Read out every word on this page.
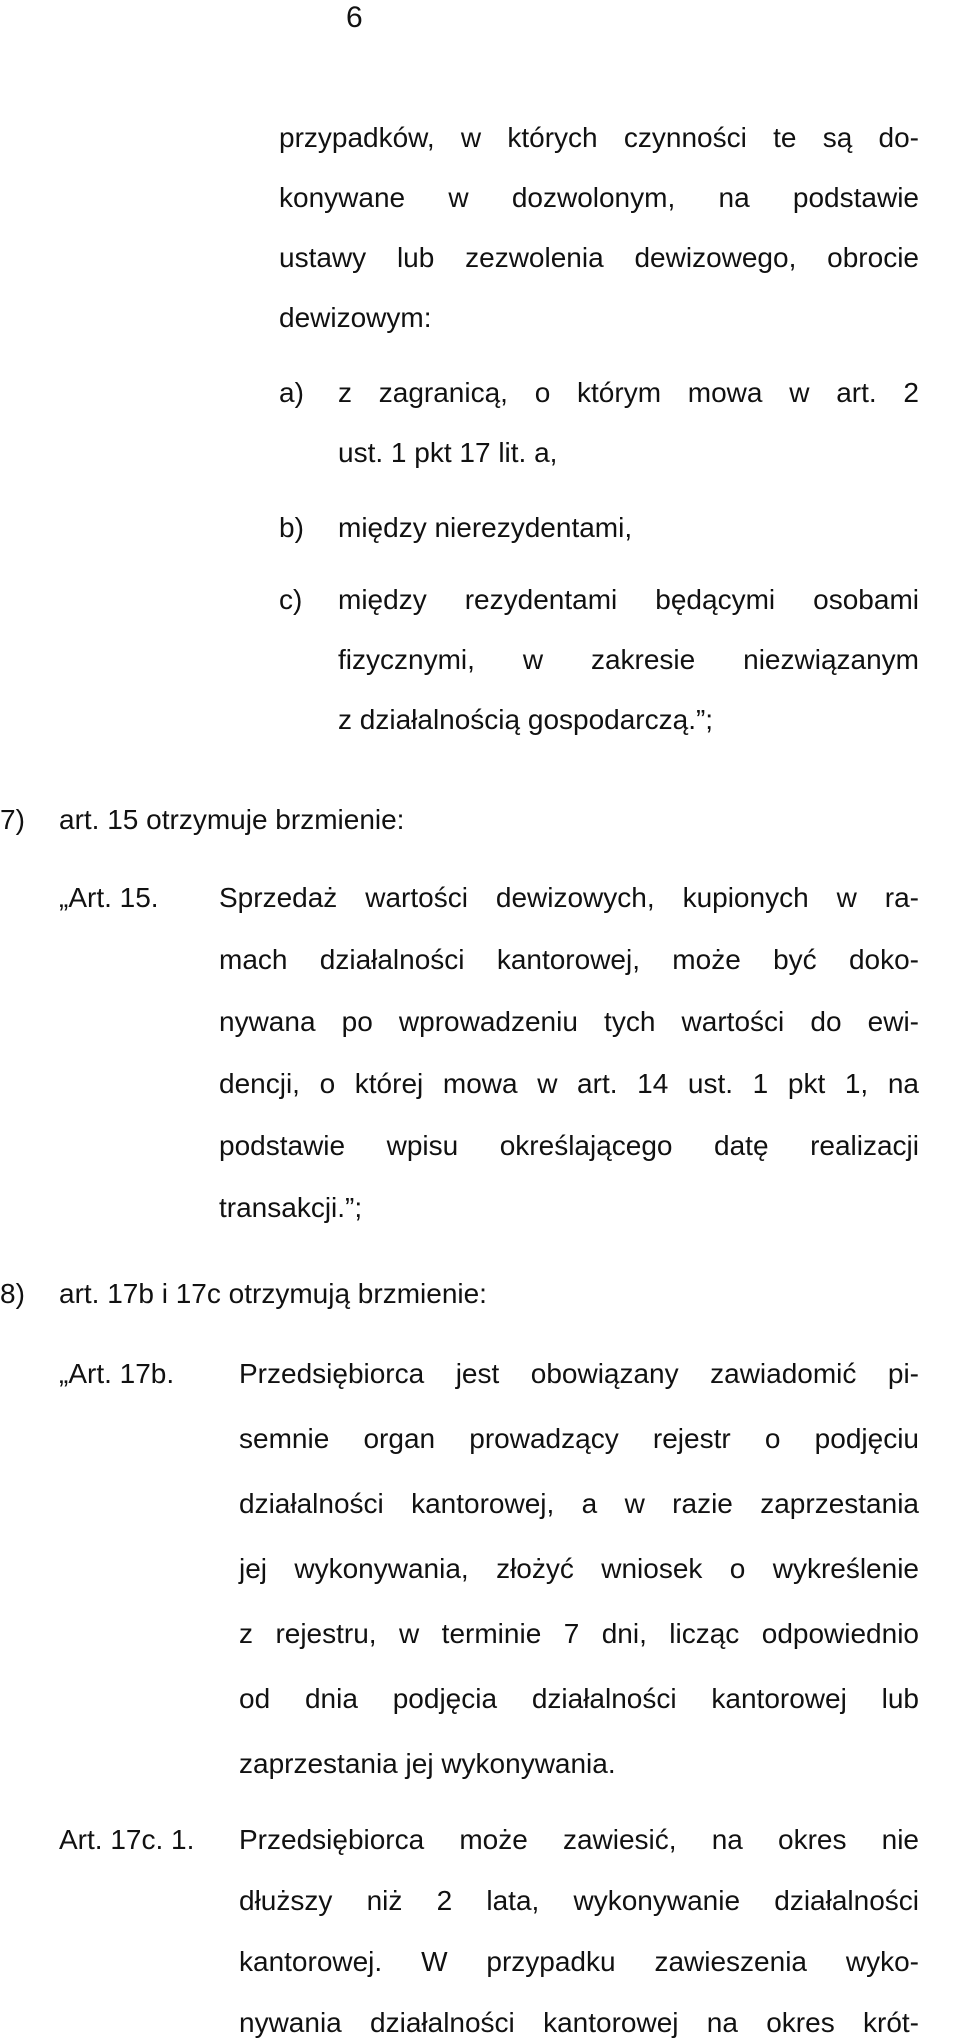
6
przypadków, w których czynności te są do-
konywane w dozwolonym, na podstawie
ustawy lub zezwolenia dewizowego, obrocie
dewizowym:
a) z zagranicą, o którym mowa w art. 2
ust. 1 pkt 17 lit. a,
b) między nierezydentami,
c) między rezydentami będącymi osobami
fizycznymi, w zakresie niezwiązanym
z działalnością gospodarczą.”;
7) art. 15 otrzymuje brzmienie:
„Art. 15. Sprzedaż wartości dewizowych, kupionych w ra-
mach działalności kantorowej, może być doko-
nywana po wprowadzeniu tych wartości do ewi-
dencji, o której mowa w art. 14 ust. 1 pkt 1, na
podstawie wpisu określającego datę realizacji
transakcji.”;
8) art. 17b i 17c otrzymują brzmienie:
„Art. 17b. Przedsiębiorca jest obowiązany zawiadomić pi-
semnie organ prowadzący rejestr o podjęciu
działalności kantorowej, a w razie zaprzestania
jej wykonywania, złożyć wniosek o wykreślenie
z rejestru, w terminie 7 dni, licząc odpowiednio
od dnia podjęcia działalności kantorowej lub
zaprzestania jej wykonywania.
Art. 17c. 1. Przedsiębiorca może zawiesić, na okres nie
dłuższy niż 2 lata, wykonywanie działalności
kantorowej. W przypadku zawieszenia wyko-
nywania działalności kantorowej na okres krót-
